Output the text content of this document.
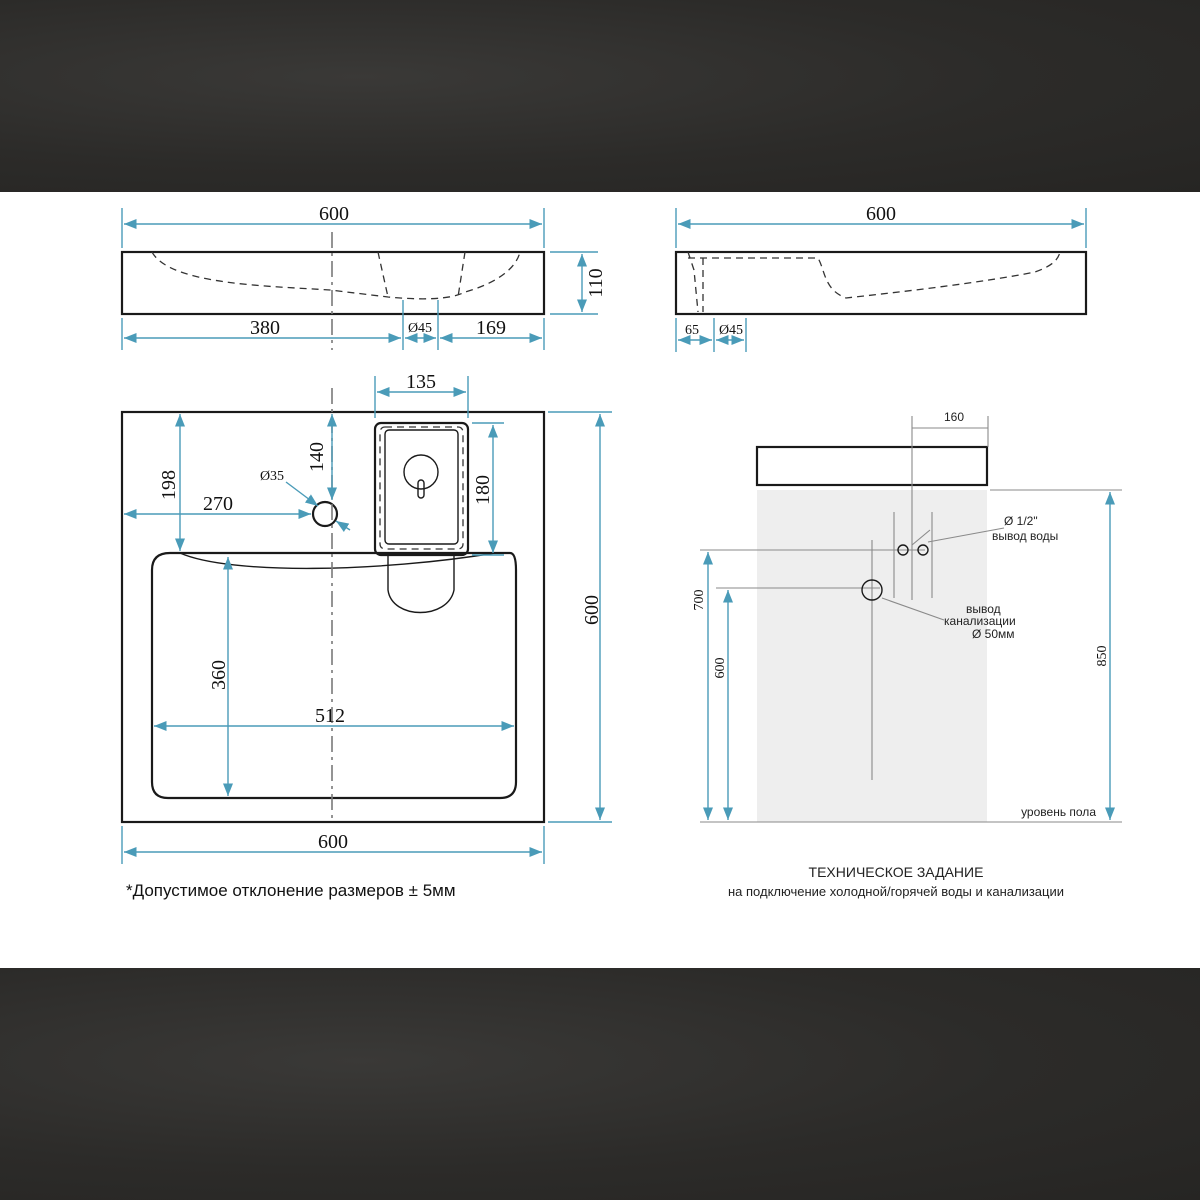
600
110
380	Ø45 169
600
65 Ø45
135
180
140
270
Ø35
198
360
512
600
600
*Допустимое отклонение размеров ± 5мм
160
Ø 1/2"
вывод воды
вывод
канализации
Ø 50мм
700
600
850
уровень пола
ТЕХНИЧЕСКОЕ ЗАДАНИЕ
на подключение холодной/горячей воды и канализации
